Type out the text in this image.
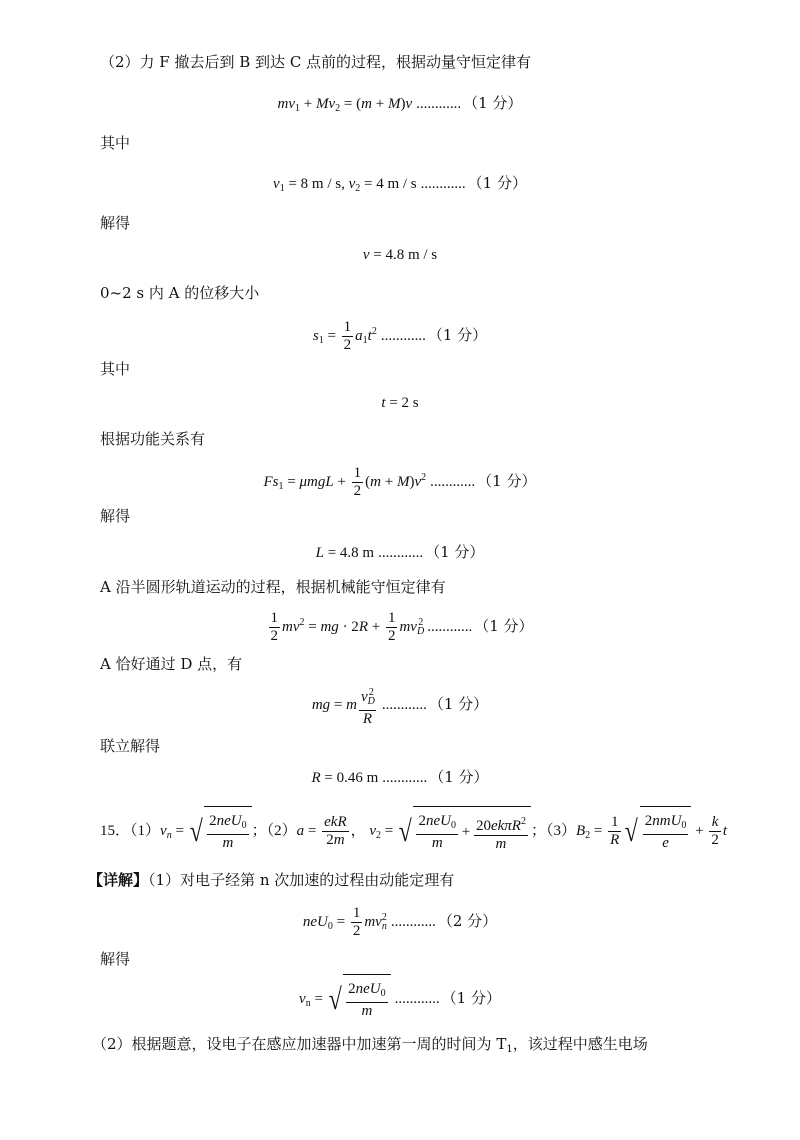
（2）力 F 撤去后到 B 到达 C 点前的过程，根据动量守恒定律有
$mv_1 + Mv_2 = (m + M)v$ ............ （1 分）
其中
$v_1 = 8$ m / s, $v_2 = 4$ m / s ............ （1 分）
解得
v = 4.8 m / s
0~2 s 内 A 的位移大小
$s_1 = \frac{1}{2} a_1t^2$ ............ （1 分）
其中
t = 2 s
根据功能关系有
$Fs_1 = \mu mgL + \frac{1}{2} (m + M)v^2$ ............ （1 分）
解得
L = 4.8 m ............ （1 分）
A 沿半圆形轨道运动的过程，根据机械能守恒定律有
$\frac{1}{2} mv^2$ = mg · $2R + \frac{1}{2} mv_D^2$ ............ （1 分）
A 恰好通过 D 点，有
mg = m $\frac{v_D^2}{R}$ ............ （1 分）
联立解得
R = 0.46 m ............ （1 分）
15．$(1)v_n$ = √ $\frac{2neU_0}{m}$ ；$(2)a = \frac{\text{ekR}}{2m}$ ， $v_2$ = √ $\frac{2neU_0}{m} + \frac{20ek\pi R^2}{m}$ ；$(3)B_2 = \frac{1}{R}$ √ $\frac{2nmU_0}{e} + \frac{k}{2}$ t
【详解】（1）对电子经第 n 次加速的过程由动能定理有
$neU_0 = \frac{1}{2} mv_n^2$ ............ （2 分）
解得
$v_n$ = √ $\frac{2neU_0}{m}$ ............ （1 分）
（2）根据题意，设电子在感应加速器中加速第一周的时间为 $T_1$，该过程中感生电场
